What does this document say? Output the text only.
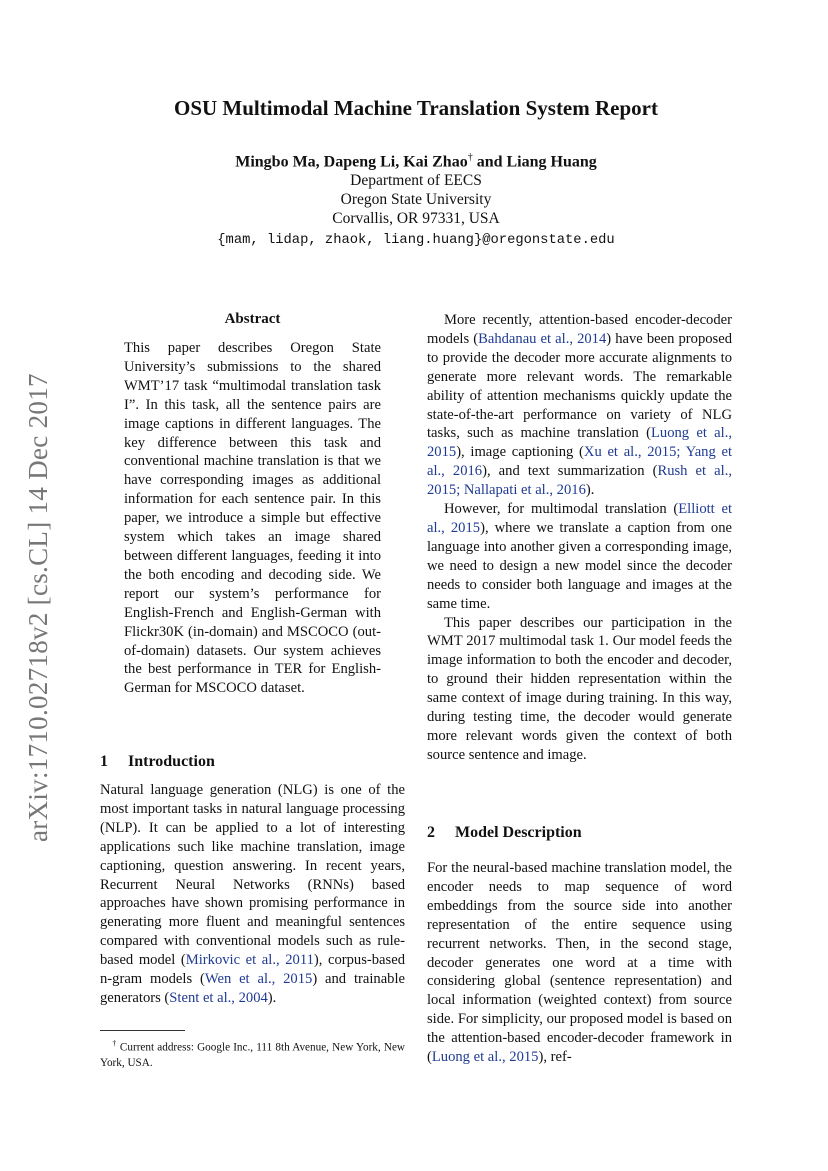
arXiv:1710.02718v2 [cs.CL] 14 Dec 2017
OSU Multimodal Machine Translation System Report
Mingbo Ma, Dapeng Li, Kai Zhao† and Liang Huang
Department of EECS
Oregon State University
Corvallis, OR 97331, USA
{mam, lidap, zhaok, liang.huang}@oregonstate.edu
Abstract
This paper describes Oregon State University’s submissions to the shared WMT’17 task “multimodal translation task I”. In this task, all the sentence pairs are image captions in different languages. The key difference between this task and conventional machine translation is that we have corresponding images as additional information for each sentence pair. In this paper, we introduce a simple but effective system which takes an image shared between different languages, feeding it into the both encoding and decoding side. We report our system’s performance for English-French and English-German with Flickr30K (in-domain) and MSCOCO (out-of-domain) datasets. Our system achieves the best performance in TER for English-German for MSCOCO dataset.
1 Introduction

Natural language generation (NLG) is one of the most important tasks in natural language processing (NLP). It can be applied to a lot of interesting applications such like machine translation, image captioning, question answering. In recent years, Recurrent Neural Networks (RNNs) based approaches have shown promising performance in generating more fluent and meaningful sentences compared with conventional models such as rule-based model (Mirkovic et al., 2011), corpus-based n-gram models (Wen et al., 2015) and trainable generators (Stent et al., 2004).

† Current address: Google Inc., 111 8th Avenue, New York, New York, USA.

More recently, attention-based encoder-decoder models (Bahdanau et al., 2014) have been proposed to provide the decoder more accurate alignments to generate more relevant words. The remarkable ability of attention mechanisms quickly update the state-of-the-art performance on variety of NLG tasks, such as machine translation (Luong et al., 2015), image captioning (Xu et al., 2015; Yang et al., 2016), and text summarization (Rush et al., 2015; Nallapati et al., 2016).

However, for multimodal translation (Elliott et al., 2015), where we translate a caption from one language into another given a corresponding image, we need to design a new model since the decoder needs to consider both language and images at the same time.

This paper describes our participation in the WMT 2017 multimodal task 1. Our model feeds the image information to both the encoder and decoder, to ground their hidden representation within the same context of image during training. In this way, during testing time, the decoder would generate more relevant words given the context of both source sentence and image.

2 Model Description

For the neural-based machine translation model, the encoder needs to map sequence of word embeddings from the source side into another representation of the entire sequence using recurrent networks. Then, in the second stage, decoder generates one word at a time with considering global (sentence representation) and local information (weighted context) from source side. For simplicity, our proposed model is based on the attention-based encoder-decoder framework in (Luong et al., 2015), ref-
